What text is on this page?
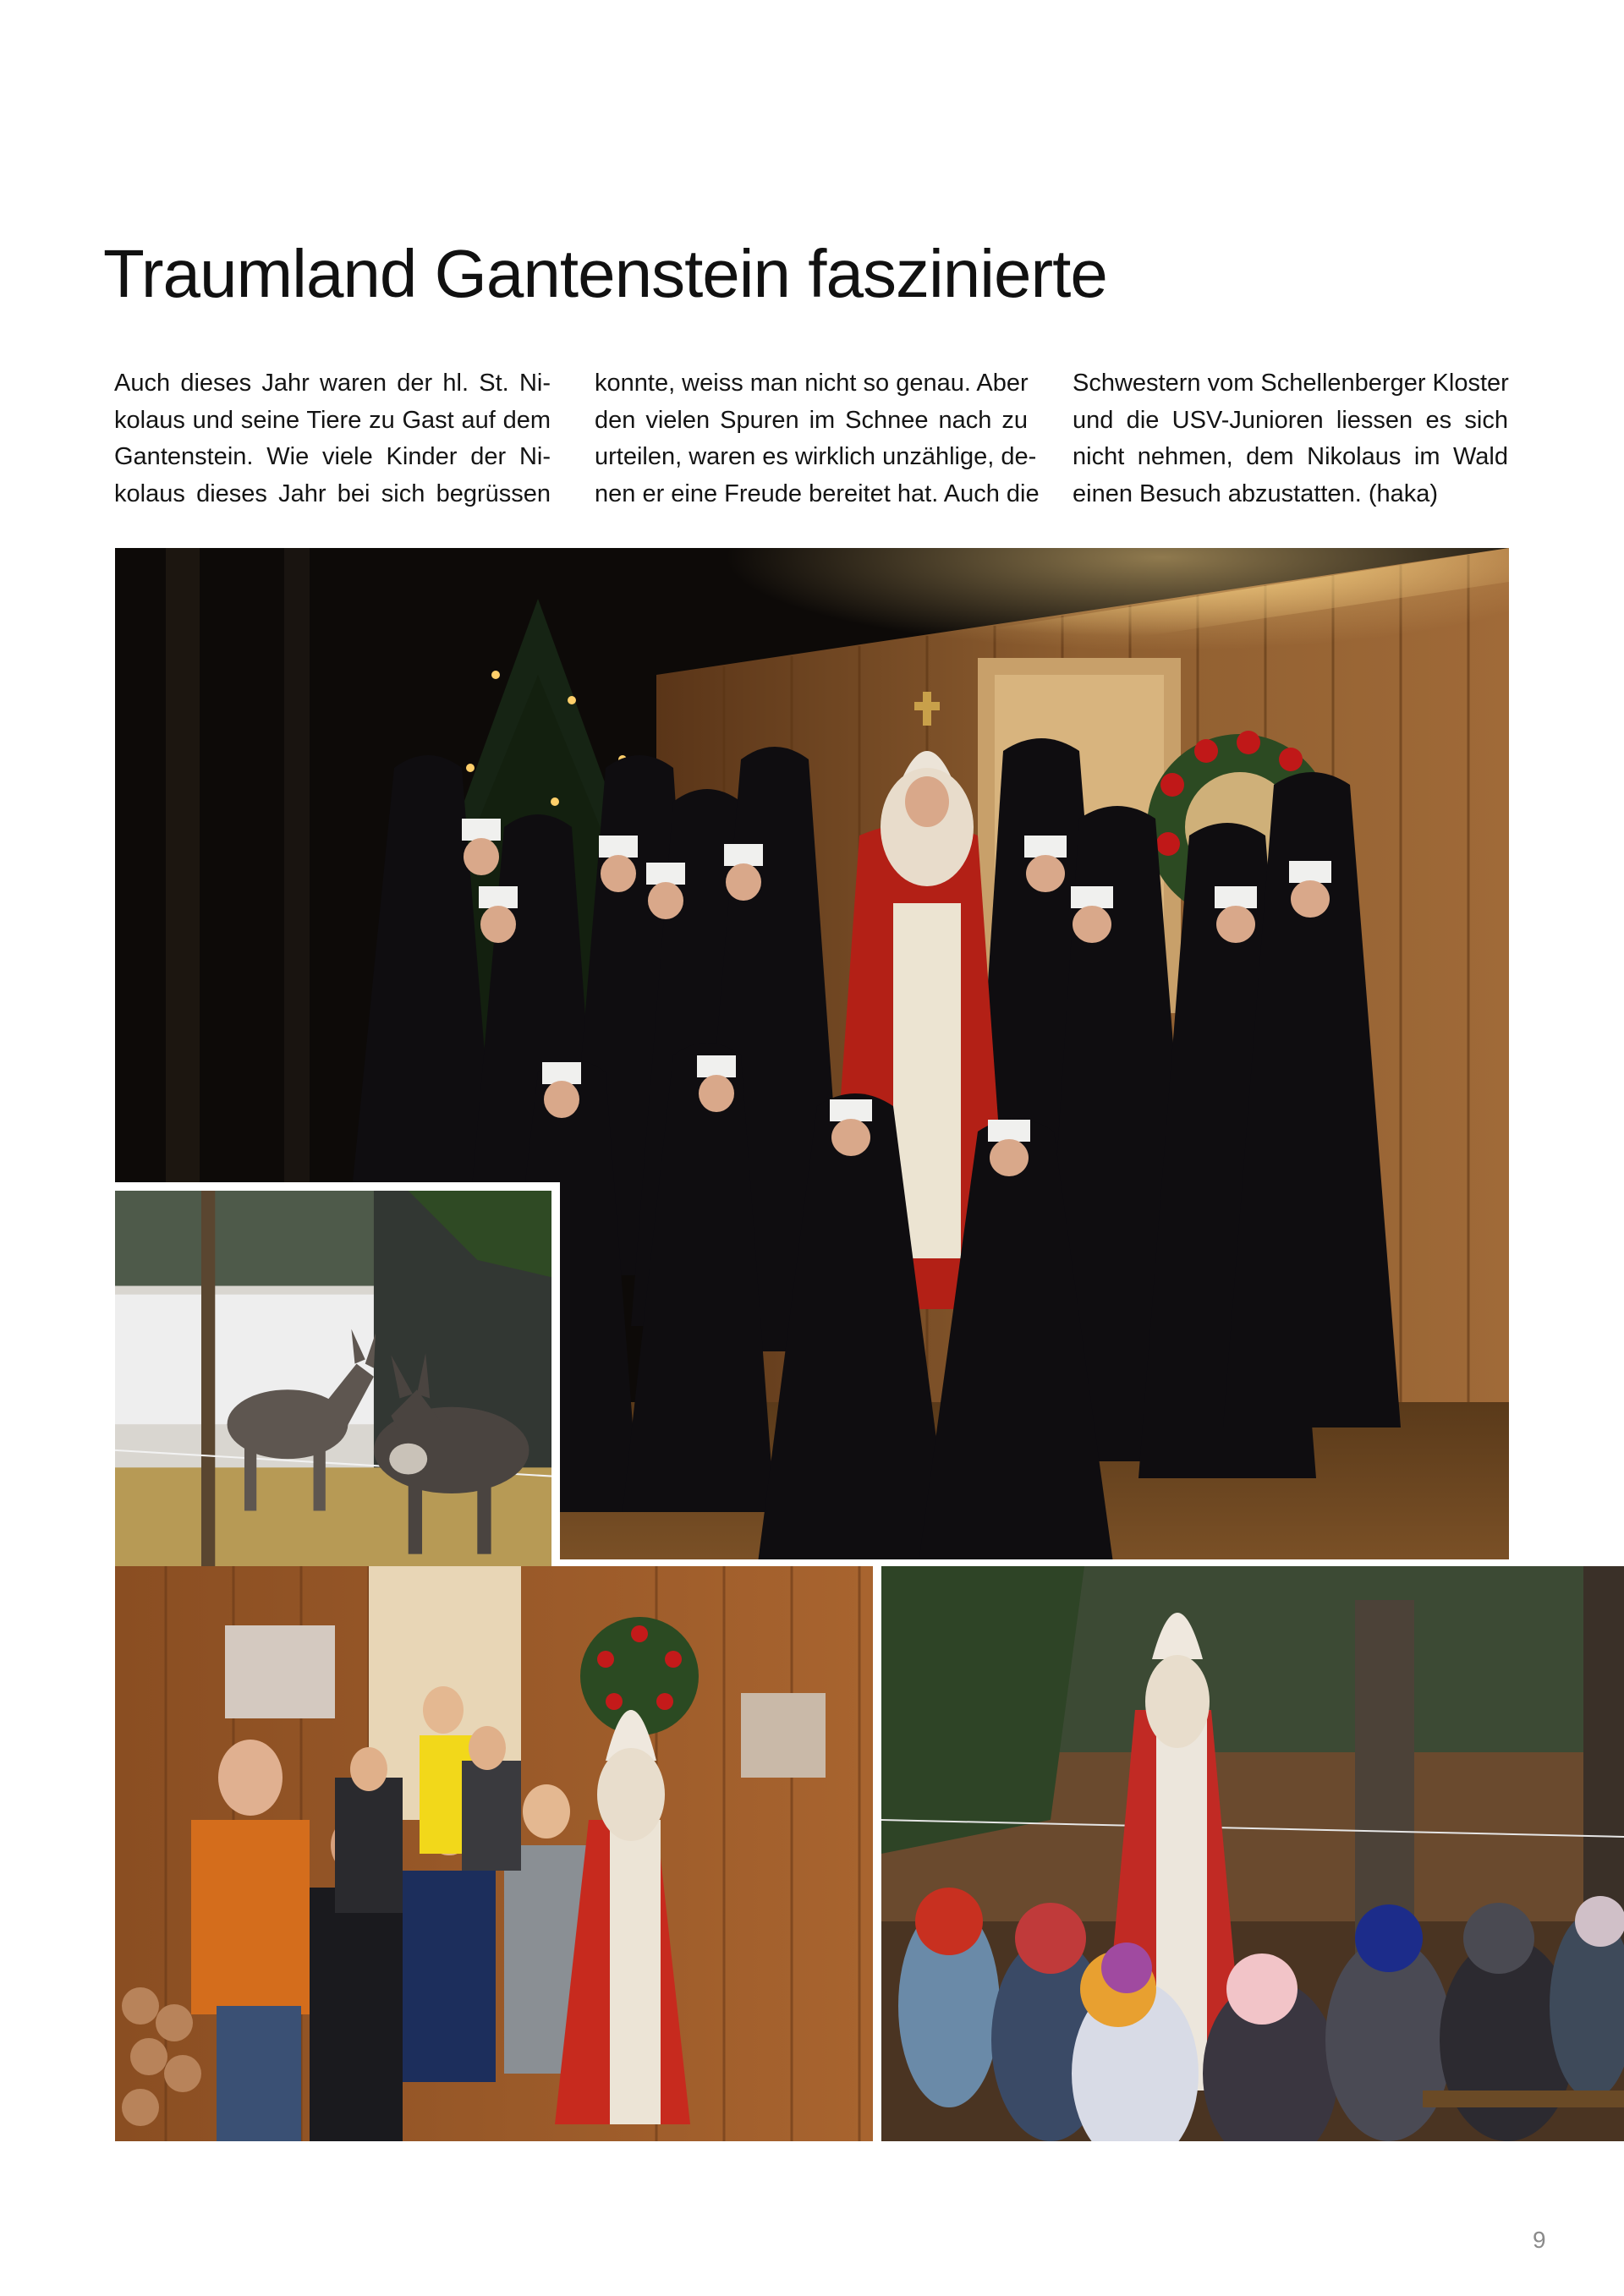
Traumland Gantenstein faszinierte

Auch dieses Jahr waren der hl. St. Ni-
kolaus und seine Tiere zu Gast auf dem
Gantenstein. Wie viele Kinder der Ni-
kolaus dieses Jahr bei sich begrüssen

konnte, weiss man nicht so genau. Aber
den vielen Spuren im Schnee nach zu
urteilen, waren es wirklich unzählige, de-
nen er eine Freude bereitet hat. Auch die

Schwestern vom Schellenberger Kloster
und die USV-Junioren liessen es sich
nicht nehmen, dem Nikolaus im Wald
einen Besuch abzustatten. (haka)

9
